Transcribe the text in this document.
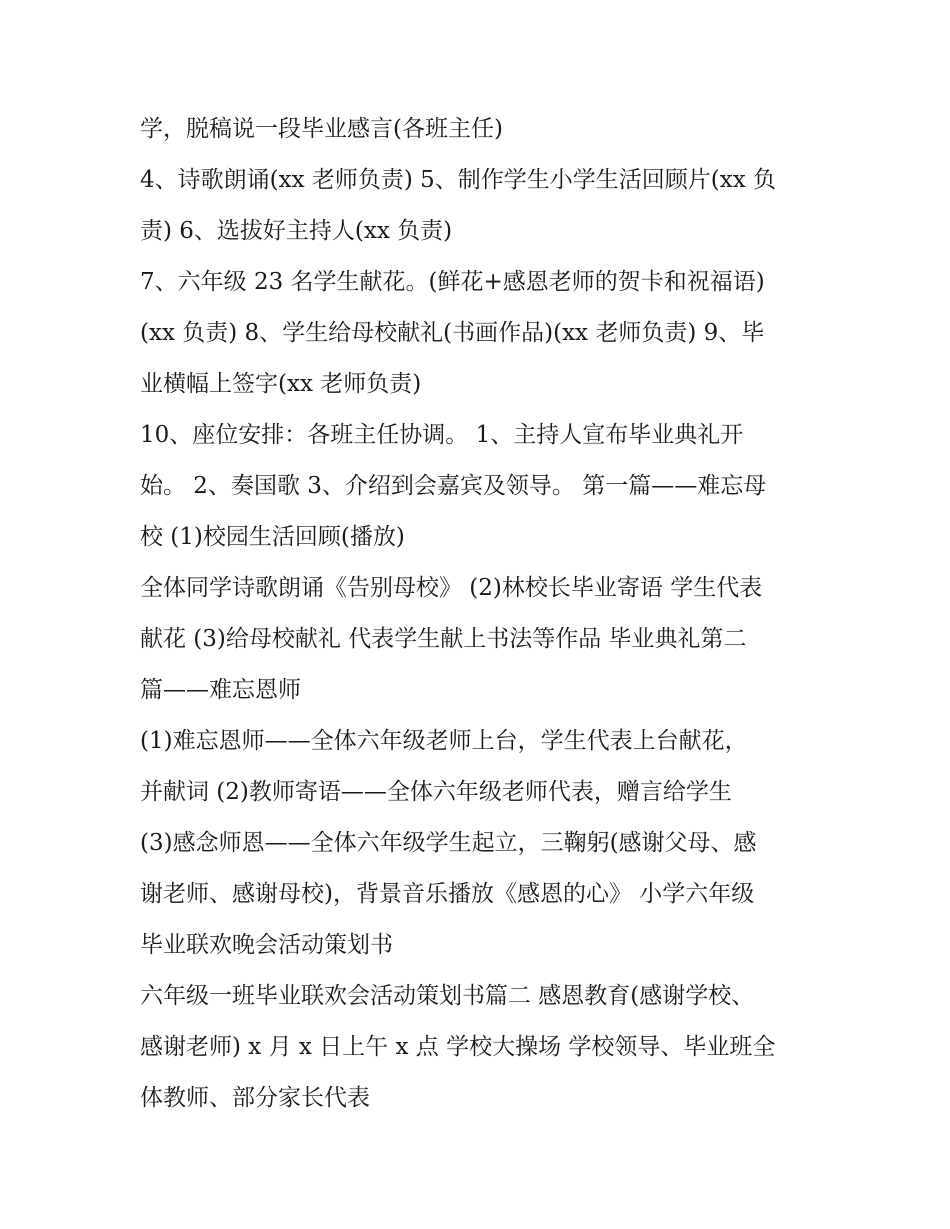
学，脱稿说一段毕业感言(各班主任)
4、诗歌朗诵(xx 老师负责) 5、制作学生小学生活回顾片(xx 负
责) 6、选拔好主持人(xx 负责)
7、六年级 23 名学生献花。(鲜花+感恩老师的贺卡和祝福语)
(xx 负责) 8、学生给母校献礼(书画作品)(xx 老师负责) 9、毕
业横幅上签字(xx 老师负责)
10、座位安排：各班主任协调。 1、主持人宣布毕业典礼开
始。 2、奏国歌 3、介绍到会嘉宾及领导。 第一篇——难忘母
校 (1)校园生活回顾(播放)
全体同学诗歌朗诵《告别母校》 (2)林校长毕业寄语 学生代表
献花 (3)给母校献礼 代表学生献上书法等作品 毕业典礼第二
篇——难忘恩师
(1)难忘恩师——全体六年级老师上台，学生代表上台献花，
并献词 (2)教师寄语——全体六年级老师代表，赠言给学生
(3)感念师恩——全体六年级学生起立，三鞠躬(感谢父母、感
谢老师、感谢母校)，背景音乐播放《感恩的心》 小学六年级
毕业联欢晚会活动策划书
六年级一班毕业联欢会活动策划书篇二 感恩教育(感谢学校、
感谢老师) x 月 x 日上午 x 点 学校大操场 学校领导、毕业班全
体教师、部分家长代表
